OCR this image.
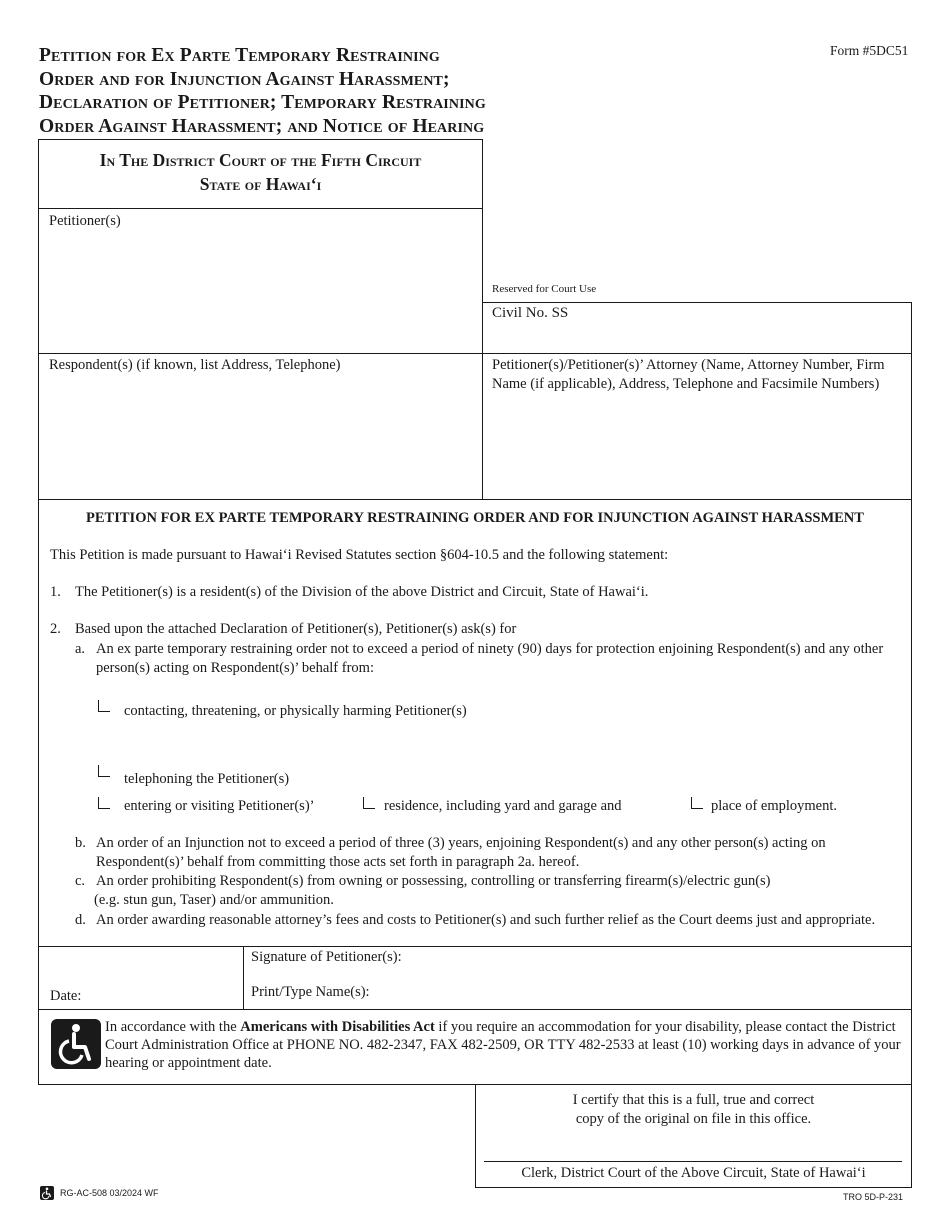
Petition for Ex Parte Temporary Restraining
Order and for Injunction Against Harassment;
Declaration of Petitioner; Temporary Restraining
Order Against Harassment; and Notice of Hearing
Form #5DC51
In The District Court of the Fifth Circuit
State of Hawai‘i
Petitioner(s)
Reserved for Court Use
Civil No. SS
Respondent(s) (if known, list Address, Telephone)	Petitioner(s)/Petitioner(s)’ Attorney (Name, Attorney Number, Firm Name (if applicable), Address, Telephone and Facsimile Numbers)
PETITION FOR EX PARTE TEMPORARY RESTRAINING ORDER AND FOR INJUNCTION AGAINST HARASSMENT
This Petition is made pursuant to Hawai‘i Revised Statutes section §604-10.5 and the following statement:
1. The Petitioner(s) is a resident(s) of the Division of the above District and Circuit, State of Hawai‘i.
2. Based upon the attached Declaration of Petitioner(s), Petitioner(s) ask(s) for
a. An ex parte temporary restraining order not to exceed a period of ninety (90) days for protection enjoining Respondent(s) and any other person(s) acting on Respondent(s)’ behalf from:
contacting, threatening, or physically harming Petitioner(s)
telephoning the Petitioner(s)
entering or visiting Petitioner(s)’	residence, including yard and garage and	place of employment.
b. An order of an Injunction not to exceed a period of three (3) years, enjoining Respondent(s) and any other person(s) acting on Respondent(s)’ behalf from committing those acts set forth in paragraph 2a. hereof.
c. An order prohibiting Respondent(s) from owning or possessing, controlling or transferring firearm(s)/electric gun(s)
(e.g. stun gun, Taser) and/or ammunition.
d. An order awarding reasonable attorney’s fees and costs to Petitioner(s) and such further relief as the Court deems just and appropriate.
Date:
Signature of Petitioner(s):
Print/Type Name(s):
In accordance with the Americans with Disabilities Act if you require an accommodation for your disability, please contact the District Court Administration Office at PHONE NO. 482-2347, FAX 482-2509, OR TTY 482-2533 at least (10) working days in advance of your hearing or appointment date.
I certify that this is a full, true and correct
copy of the original on file in this office.
Clerk, District Court of the Above Circuit, State of Hawai‘i
RG-AC-508 03/2024 WF	TRO 5D-P-231
